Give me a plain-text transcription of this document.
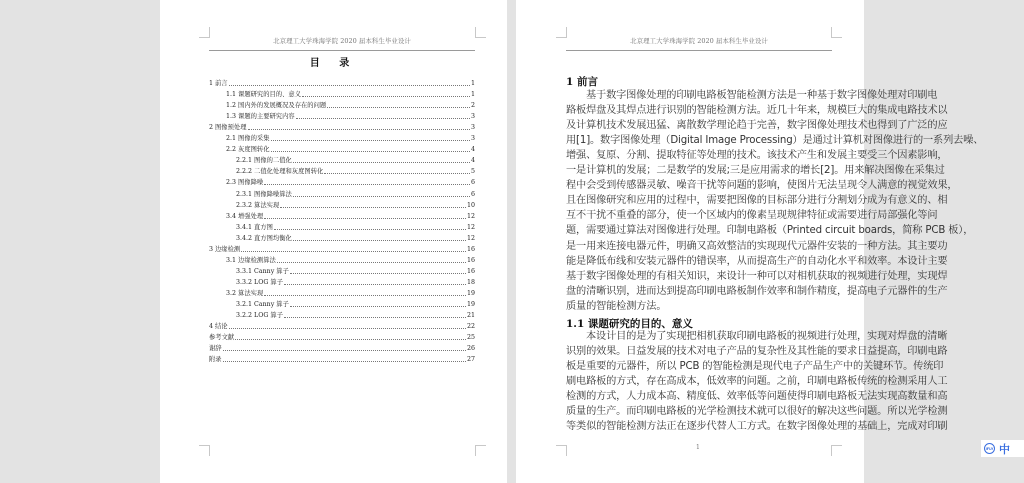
北京理工大学珠海学院 2020 届本科生毕业设计
目 录
1 前言	1
1.1 课题研究的目的、意义	1
1.2 国内外的发展概况及存在的问题	2
1.3 课题的主要研究内容	3
2 图像预处理	3
2.1 图像的采集	3
2.2 灰度图转化	4
2.2.1 图像的二值化	4
2.2.2 二值化处理和灰度图转化	5
2.3 图像降噪	6
2.3.1 图像降噪算法	6
2.3.2 算法实现	10
3.4 增强处理	12
3.4.1 直方图	12
3.4.2 直方图均衡化	12
3 边缘检测	16
3.1 边缘检测算法	16
3.3.1 Canny 算子	16
3.3.2 LOG 算子	18
3.2 算法实现	19
3.2.1 Canny 算子	19
3.2.2 LOG 算子	21
4 结论	22
参考文献	25
谢辞	26
附录	27
北京理工大学珠海学院 2020 届本科生毕业设计
1 前言
基于数字图像处理的印刷电路板智能检测方法是一种基于数字图像处理对印刷电
路板焊盘及其焊点进行识别的智能检测方法。近几十年来，规模巨大的集成电路技术以
及计算机技术发展迅猛、离散数学理论趋于完善，数字图像处理技术也得到了广泛的应
用[1]。数字图像处理（Digital Image Processing）是通过计算机对图像进行的一系列去噪、
增强、复原、分割、提取特征等处理的技术。该技术产生和发展主要受三个因素影响，
一是计算机的发展；二是数学的发展;三是应用需求的增长[2]。用来解决图像在采集过
程中会受到传感器灵敏、噪音干扰等问题的影响，使图片无法呈现令人满意的视觉效果，
且在图像研究和应用的过程中，需要把图像的目标部分进行分割划分成为有意义的、相
互不干扰不重叠的部分，使一个区域内的像素呈现规律特征或需要进行局部强化等问
题，需要通过算法对图像进行处理。印制电路板（Printed circuit boards，简称 PCB 板），
是一用来连接电器元件，明确又高效整洁的实现现代元器件安装的一种方法。其主要功
能是降低布线和安装元器件的错误率，从而提高生产的自动化水平和效率。本设计主要
基于数字图像处理的有相关知识，来设计一种可以对相机获取的视频进行处理，实现焊
盘的清晰识别，进而达到提高印刷电路板制作效率和制作精度，提高电子元器件的生产
质量的智能检测方法。
1.1 课题研究的目的、意义
本设计目的是为了实现把相机获取印刷电路板的视频进行处理，实现对焊盘的清晰
识别的效果。日益发展的技术对电子产品的复杂性及其性能的要求日益提高，印刷电路
板是重要的元器件，所以 PCB 的智能检测是现代电子产品生产中的关键环节。传统印
刷电路板的方式，存在高成本，低效率的问题。之前，印刷电路板传统的检测采用人工
检测的方式，人力成本高、精度低、效率低等问题使得印刷电路板无法实现高数量和高
质量的生产。而印刷电路板的光学检测技术就可以很好的解决这些问题。所以光学检测
等类似的智能检测方法正在逐步代替人工方式。在数字图像处理的基础上，完成对印刷
1	iFLY 中
